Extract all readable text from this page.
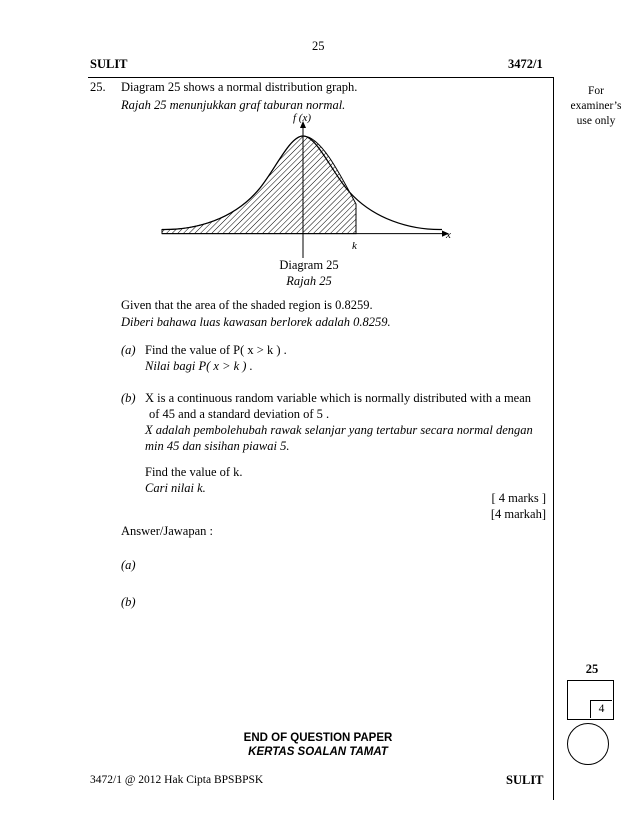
25
SULIT	3472/1
For
examiner’s
use only
25. Diagram 25 shows a normal distribution graph.
Rajah 25 menunjukkan graf taburan normal.
f (x)
x
k
Diagram 25
Rajah 25
Given that the area of the shaded region is 0.8259.
Diberi bahawa luas kawasan berlorek adalah 0.8259.
(a) Find the value of P( x > k ) .
Nilai bagi P( x > k ) .
(b) X is a continuous random variable which is normally distributed with a mean
of 45 and a standard deviation of 5 .
X adalah pembolehubah rawak selanjar yang tertabur secara normal dengan
min 45 dan sisihan piawai 5.
Find the value of k.
Cari nilai k.
[ 4 marks ]
[4 markah]
Answer/Jawapan :
(a)
(b)
25
4
END OF QUESTION PAPER
KERTAS SOALAN TAMAT
3472/1 @ 2012 Hak Cipta BPSBPSK	SULIT
